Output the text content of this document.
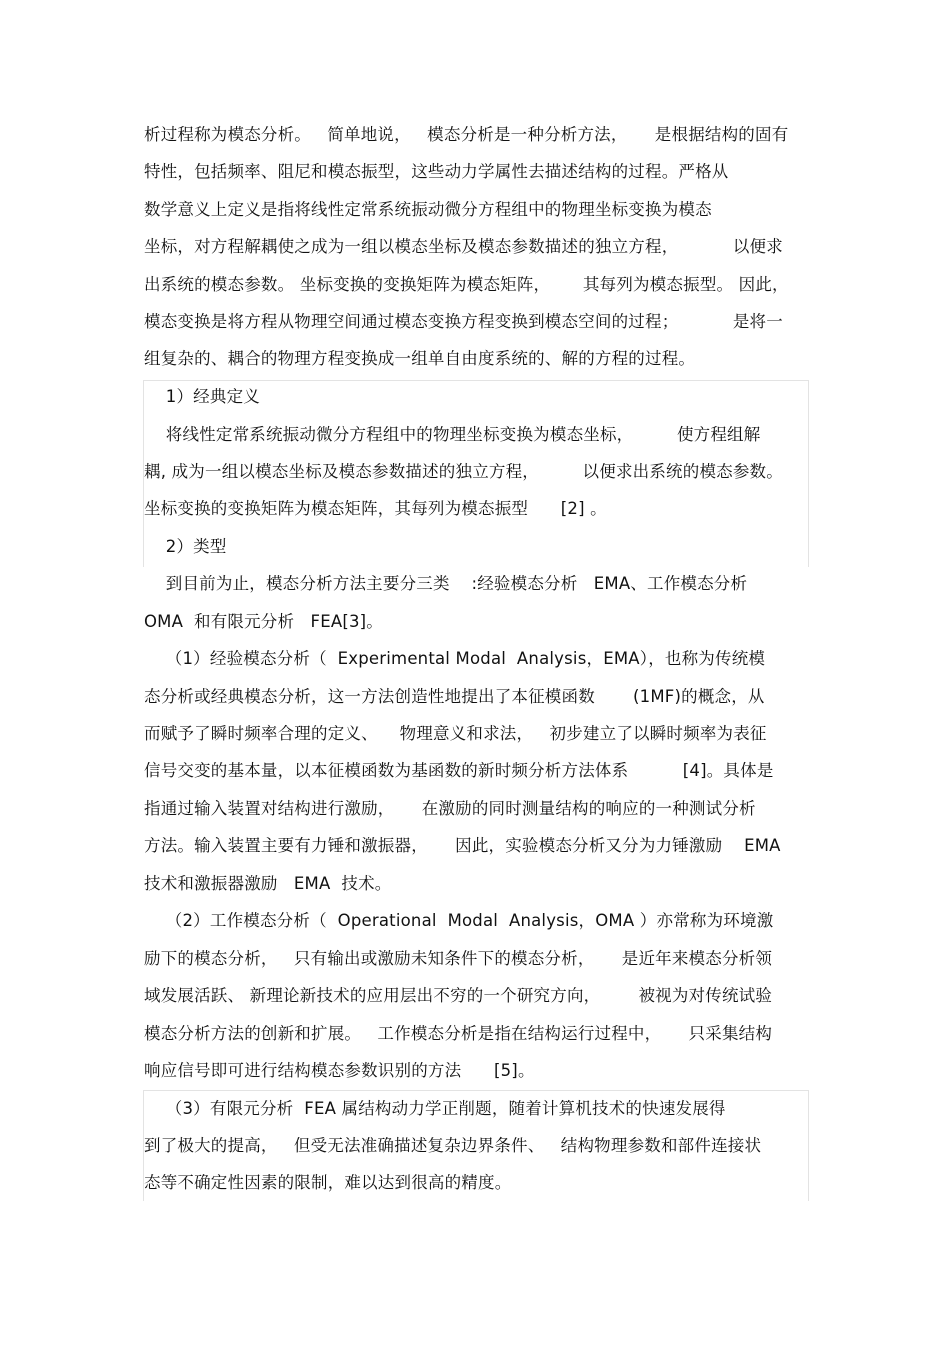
析过程称为模态分析。   简单地说，   模态分析是一种分析方法，     是根据结构的固有
特性，包括频率、阻尼和模态振型，这些动力学属性去描述结构的过程。严格从
数学意义上定义是指将线性定常系统振动微分方程组中的物理坐标变换为模态
坐标，对方程解耦使之成为一组以模态坐标及模态参数描述的独立方程，          以便求
出系统的模态参数。 坐标变换的变换矩阵为模态矩阵，      其每列为模态振型。 因此，
模态变换是将方程从物理空间通过模态变换方程变换到模态空间的过程；          是将一
组复杂的、耦合的物理方程变换成一组单自由度系统的、解的方程的过程。
1）经典定义
将线性定常系统振动微分方程组中的物理坐标变换为模态坐标，        使方程组解
耦, 成为一组以模态坐标及模态参数描述的独立方程，        以便求出系统的模态参数。
坐标变换的变换矩阵为模态矩阵，其每列为模态振型      [2] 。
2）类型
到目前为止，模态分析方法主要分三类    :经验模态分析   EMA、工作模态分析
OMA  和有限元分析   FEA[3]。
（1）经验模态分析（  Experimental Modal  Analysis，EMA），也称为传统模
态分析或经典模态分析，这一方法创造性地提出了本征模函数       (1MF)的概念，从
而赋予了瞬时频率合理的定义、    物理意义和求法，   初步建立了以瞬时频率为表征
信号交变的基本量，以本征模函数为基函数的新时频分析方法体系          [4]。具体是
指通过输入装置对结构进行激励，     在激励的同时测量结构的响应的一种测试分析
方法。输入装置主要有力锤和激振器，     因此，实验模态分析又分为力锤激励    EMA
技术和激振器激励   EMA  技术。
（2）工作模态分析（  Operational  Modal  Analysis，OMA ）亦常称为环境激
励下的模态分析，   只有输出或激励未知条件下的模态分析，     是近年来模态分析领
域发展活跃、 新理论新技术的应用层出不穷的一个研究方向，       被视为对传统试验
模态分析方法的创新和扩展。   工作模态分析是指在结构运行过程中，     只采集结构
响应信号即可进行结构模态参数识别的方法      [5]。
（3）有限元分析  FEA 属结构动力学正削题，随着计算机技术的快速发展得
到了极大的提高，   但受无法准确描述复杂边界条件、   结构物理参数和部件连接状
态等不确定性因素的限制，难以达到很高的精度。
